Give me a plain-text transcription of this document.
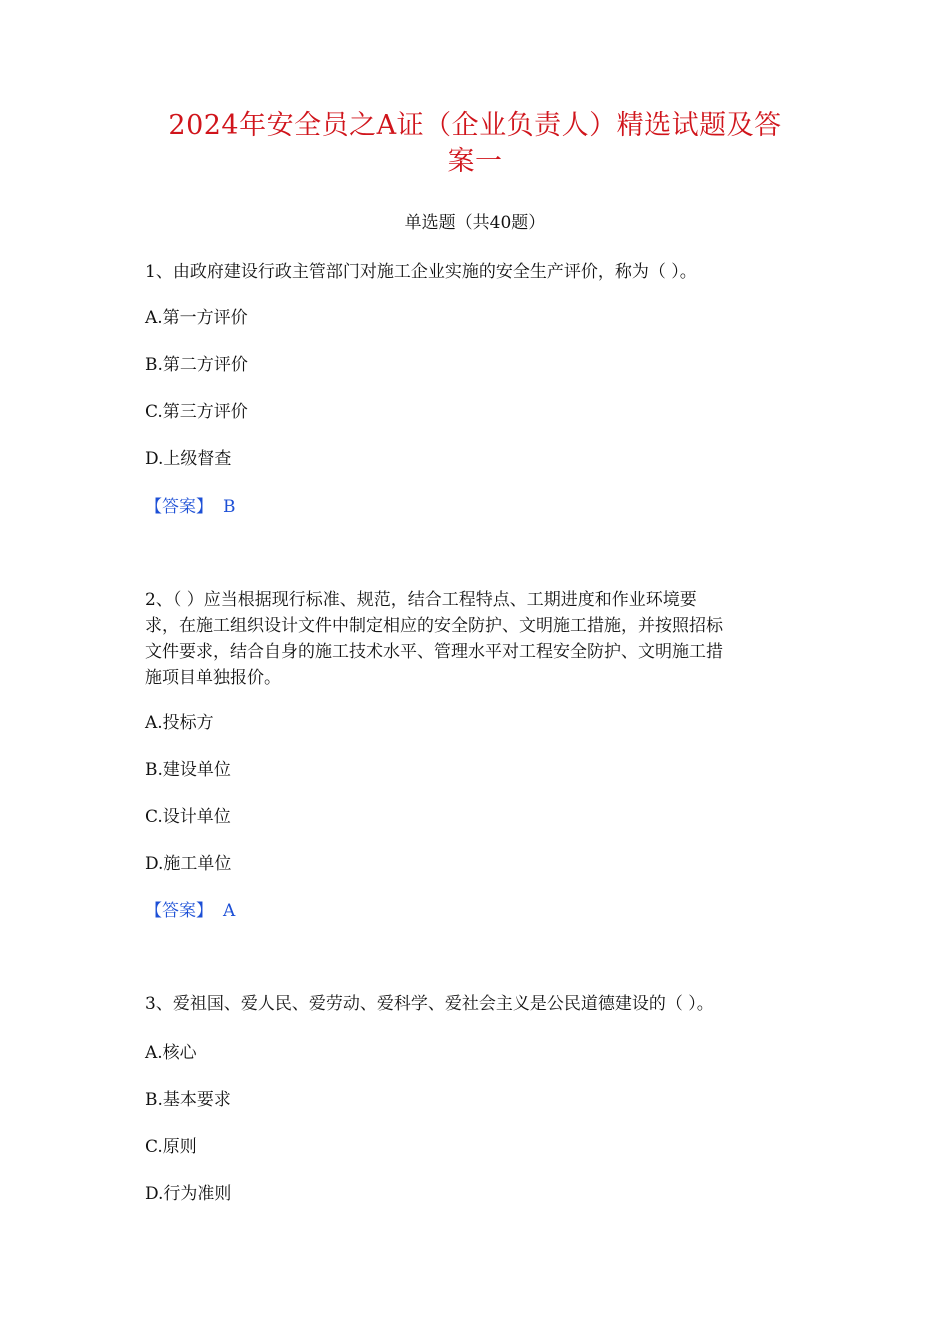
2024年安全员之A证（企业负责人）精选试题及答
案一
单选题（共40题）
1、由政府建设行政主管部门对施工企业实施的安全生产评价，称为（ ）。
A.第一方评价
B.第二方评价
C.第三方评价
D.上级督查
【答案】 B
2、（ ）应当根据现行标准、规范，结合工程特点、工期进度和作业环境要
求，在施工组织设计文件中制定相应的安全防护、文明施工措施，并按照招标
文件要求，结合自身的施工技术水平、管理水平对工程安全防护、文明施工措
施项目单独报价。
A.投标方
B.建设单位
C.设计单位
D.施工单位
【答案】 A
3、爱祖国、爱人民、爱劳动、爱科学、爱社会主义是公民道德建设的（ ）。
A.核心
B.基本要求
C.原则
D.行为准则
